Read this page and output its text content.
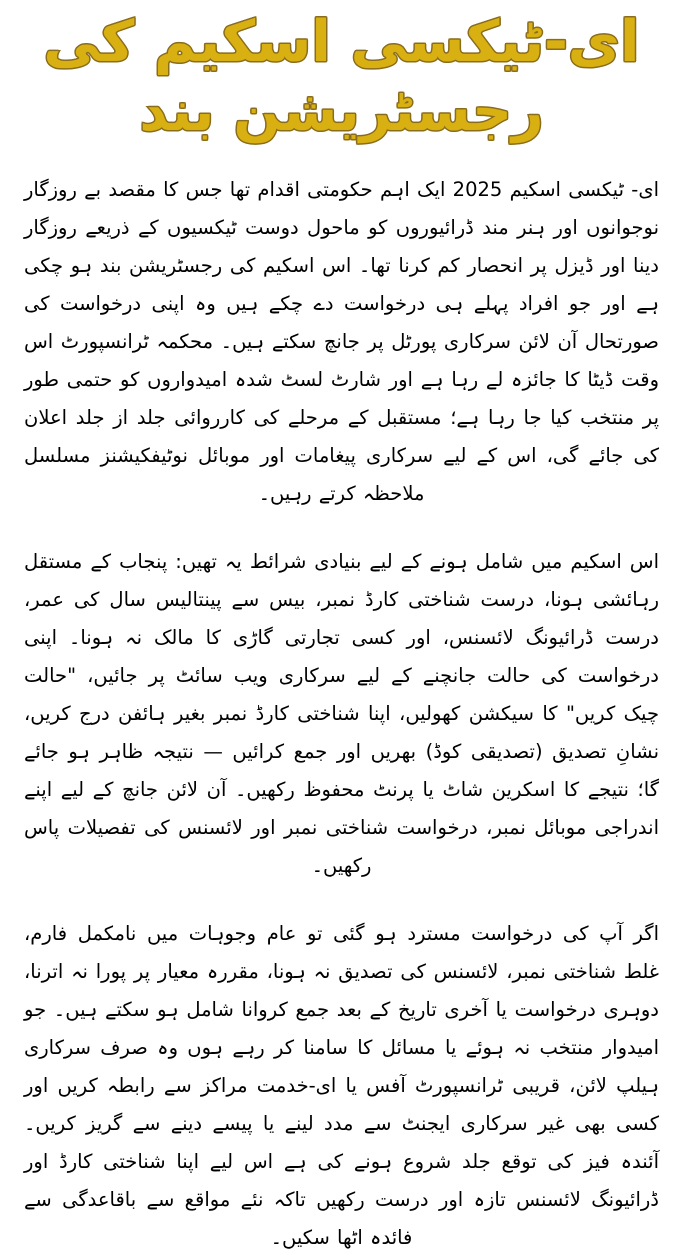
ای-ٹیکسی اسکیم کی
رجسٹریشن بند

ای- ٹیکسی اسکیم 2025 ایک اہم حکومتی اقدام تھا جس کا مقصد بے روزگار نوجوانوں اور ہنر مند ڈرائیوروں کو ماحول دوست ٹیکسیوں کے ذریعے روزگار دینا اور ڈیزل پر انحصار کم کرنا تھا۔ اس اسکیم کی رجسٹریشن بند ہو چکی ہے اور جو افراد پہلے ہی درخواست دے چکے ہیں وہ اپنی درخواست کی صورتحال آن لائن سرکاری پورٹل پر جانچ سکتے ہیں۔ محکمہ ٹرانسپورٹ اس وقت ڈیٹا کا جائزہ لے رہا ہے اور شارٹ لسٹ شدہ امیدواروں کو حتمی طور پر منتخب کیا جا رہا ہے؛ مستقبل کے مرحلے کی کارروائی جلد از جلد اعلان کی جائے گی، اس کے لیے سرکاری پیغامات اور موبائل نوٹیفکیشنز مسلسل ملاحظہ کرتے رہیں۔

اس اسکیم میں شامل ہونے کے لیے بنیادی شرائط یہ تھیں: پنجاب کے مستقل رہائشی ہونا، درست شناختی کارڈ نمبر، بیس سے پینتالیس سال کی عمر، درست ڈرائیونگ لائسنس، اور کسی تجارتی گاڑی کا مالک نہ ہونا۔ اپنی درخواست کی حالت جانچنے کے لیے سرکاری ویب سائٹ پر جائیں، "حالت چیک کریں" کا سیکشن کھولیں، اپنا شناختی کارڈ نمبر بغیر ہائفن درج کریں، نشانِ تصدیق (تصدیقی کوڈ) بھریں اور جمع کرائیں — نتیجہ ظاہر ہو جائے گا؛ نتیجے کا اسکرین شاٹ یا پرنٹ محفوظ رکھیں۔ آن لائن جانچ کے لیے اپنے اندراجی موبائل نمبر، درخواست شناختی نمبر اور لائسنس کی تفصیلات پاس رکھیں۔

اگر آپ کی درخواست مسترد ہو گئی تو عام وجوہات میں نامکمل فارم، غلط شناختی نمبر، لائسنس کی تصدیق نہ ہونا، مقررہ معیار پر پورا نہ اترنا، دوہری درخواست یا آخری تاریخ کے بعد جمع کروانا شامل ہو سکتے ہیں۔ جو امیدوار منتخب نہ ہوئے یا مسائل کا سامنا کر رہے ہوں وہ صرف سرکاری ہیلپ لائن، قریبی ٹرانسپورٹ آفس یا ای-خدمت مراکز سے رابطہ کریں اور کسی بھی غیر سرکاری ایجنٹ سے مدد لینے یا پیسے دینے سے گریز کریں۔ آئندہ فیز کی توقع جلد شروع ہونے کی ہے اس لیے اپنا شناختی کارڈ اور ڈرائیونگ لائسنس تازہ اور درست رکھیں تاکہ نئے مواقع سے باقاعدگی سے فائدہ اٹھا سکیں۔
